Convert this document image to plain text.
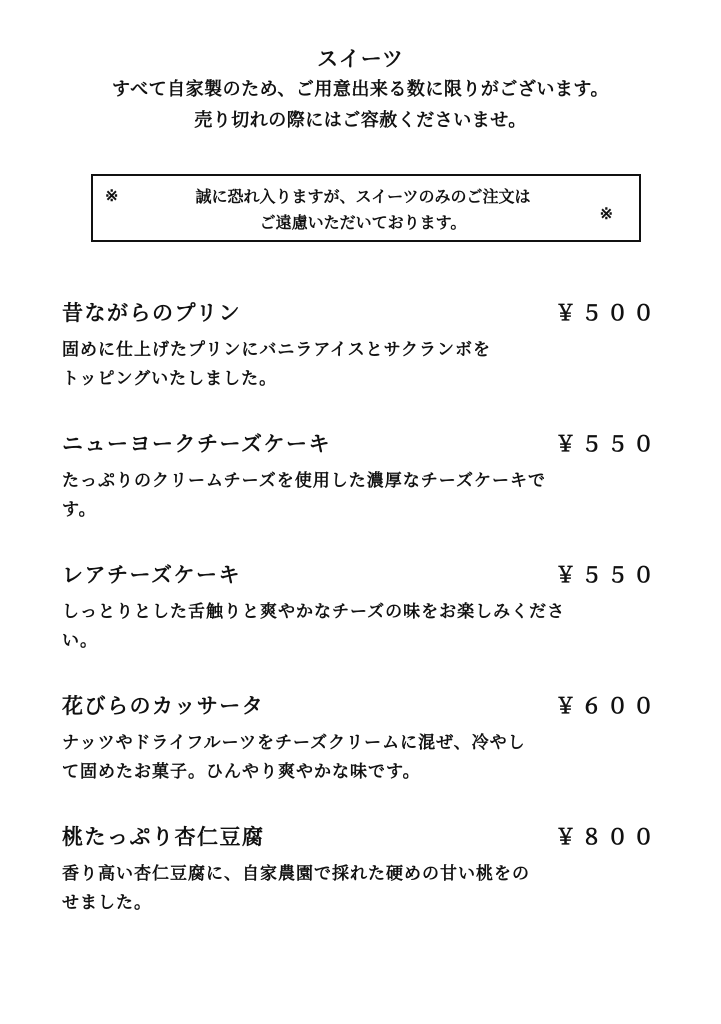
スイーツ
すべて自家製のため、ご用意出来る数に限りがございます。
売り切れの際にはご容赦くださいませ。
※	誠に恐れ入りますが、スイーツのみのご注文は
ご遠慮いただいております。	※
昔ながらのプリン	￥５００
固めに仕上げたプリンにバニラアイスとサクランボを
トッピングいたしました。
ニューヨークチーズケーキ	￥５５０
たっぷりのクリームチーズを使用した濃厚なチーズケーキで
す。
レアチーズケーキ	￥５５０
しっとりとした舌触りと爽やかなチーズの味をお楽しみくださ
い。
花びらのカッサータ	￥６００
ナッツやドライフルーツをチーズクリームに混ぜ、冷やし
て固めたお菓子。ひんやり爽やかな味です。
桃たっぷり杏仁豆腐	￥８００
香り高い杏仁豆腐に、自家農園で採れた硬めの甘い桃をの
せました。
